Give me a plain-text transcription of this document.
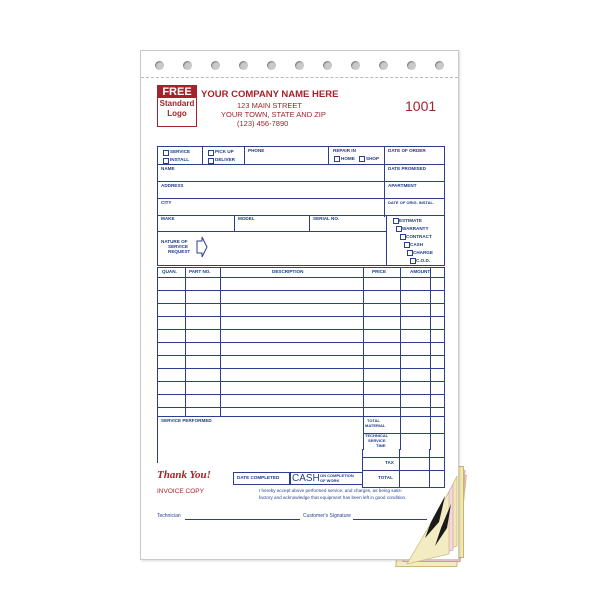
FREE
Standard
Logo
YOUR COMPANY NAME HERE
123 MAIN STREET
YOUR TOWN, STATE AND ZIP
(123) 456-7890
1001
SERVICE
INSTALL
PICK UP
DELIVER
PHONE	REPAIR IN
HOME SHOP
DATE OF ORDER
NAME	DATE PROMISED
ADDRESS	APARTMENT
CITY	DATE OF ORIG. INSTAL.
MAKE	MODEL	SERIAL NO.
NATURE OF
SERVICE
REQUEST
ESTIMATE
WARRANTY
CONTRACT
CASH
CHARGE
C.O.D.
QUAN.	PART NO.	DESCRIPTION	PRICE	AMOUNT
SERVICE PERFORMED	TOTAL
MATERIAL
TECHNICAL
SERVICE
TIME
TAX
TOTAL
Thank You!	DATE COMPLETED CASH ON COMPLETION
OF WORK
INVOICE COPY	I hereby accept above performed service, and charges, as being satis-
factory and acknowledge that equipment has been left in good condition.
Technician	Customer's Signature
